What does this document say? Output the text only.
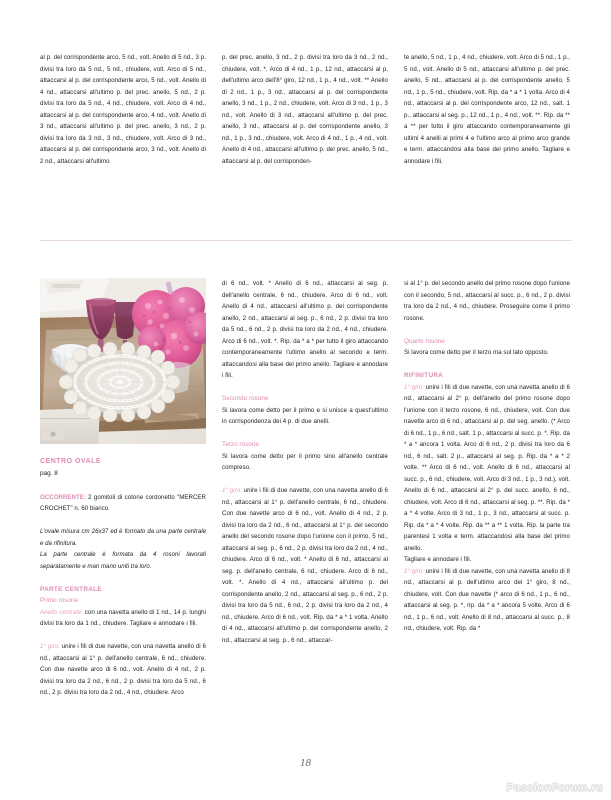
al p. del corrispondente arco, 5 nd., volt. Anello di 5 nd., 3 p. divisi tra loro da 5 nd., 5 nd., chiudere, volt. Arco di 5 nd., attaccarsi al p. del corrispondente arco, 5 nd., volt. Anello di 4 nd., attaccarsi all'ultimo p. del prec. anello, 5 nd., 2 p. divisi tra loro da 5 nd., 4 nd., chiudere, volt. Arco di 4 nd., attaccarsi al p. del corrispondente arco, 4 nd., volt. Anello di 3 nd., attaccarsi all'ultimo p. del prec. anello, 3 nd., 2 p. divisi tra loro da 3 nd., 3 nd., chiudere, volt. Arco di 3 nd., attaccarsi al p. del corrispondente arco, 3 nd., volt. Anello di 2 nd., attaccarsi all'ultimo

p. del prec. anello, 3 nd., 2 p. divisi tra loro da 3 nd., 2 nd., chiudere, volt. *. Arco di 4 nd., 1 p., 12 nd., attaccarsi al p. dell'ultimo arco dell'8° giro, 12 nd., 1 p., 4 nd., volt. ** Anello di 2 nd., 1 p., 3 nd., attaccarsi al p. del corrispondente anello, 3 nd., 1 p., 2 nd., chiudere, volt. Arco di 3 nd., 1 p., 3 nd., volt. Anello di 3 nd., attaccarsi all'ultimo p. del prec. anello, 3 nd., attaccarsi al p. del corrispondente anello, 3 nd., 1 p., 3 nd., chiudere, volt. Arco di 4 nd., 1 p., 4 nd., volt. Anello di 4 nd., attaccarsi all'ultimo p. del prec. anello, 5 nd., attaccarsi al p. del corrisponden-

te anello, 5 nd., 1 p., 4 nd., chiudere, volt. Arco di 5 nd., 1 p., 5 nd., volt. Anello di 5 nd., attaccarsi all'ultimo p. del prec. anello, 5 nd., attaccarsi al p. del corrispondente anello, 5 nd., 1 p., 5 nd., chiudere, volt. Rip. da * a * 1 volta. Arco di 4 nd., attaccarsi al p. del corrispondente arco, 12 nd., salt. 1 p., attaccarsi al seg. p., 12 nd., 1 p., 4 nd., volt. **. Rip. da ** a ** per tutto il giro attaccando contemporaneamente gli ultimi 4 anelli ai primi 4 e l'ultimo arco al primo arco grande e term. attaccandosi alla base del primo anello. Tagliare e annodare i fili.

CENTRO OVALE

pag. 8

OCCORRENTE: 2 gomitoli di cotone cordonetto "MERCER CROCHET" n. 60 bianco.

L'ovale misura cm 26x37 ed è formato da una parte centrale e da rifinitura.

La parte centrale è formata da 4 rosoni lavorati separatamente e man mano uniti tra loro.

PARTE CENTRALE
Primo rosone

Anello centrale: con una navetta anello di 1 nd., 14 p. lunghi divisi tra loro da 1 nd., chiudere. Tagliare e annodare i fili.

1° giro: unire i fili di due navette, con una navetta anello di 6 nd., attaccarsi al 1° p. dell'anello centrale, 6 nd., chiudere. Con due navette arco di 6 nd., volt. Anello di 4 nd., 2 p. divisi tra loro da 2 nd., 6 nd., 2 p. divisi tra loro da 5 nd., 6 nd., 2 p. divisi tra loro da 2 nd., 4 nd., chiudere. Arco

di 6 nd., volt. * Anello di 6 nd., attaccarsi al seg. p. dell'anello centrale, 6 nd., chiudere. Arco di 6 nd., volt. Anello di 4 nd., attaccarsi all'ultimo p. del corrispondente anello, 2 nd., attaccarsi al seg. p., 6 nd., 2 p. divisi tra loro da 5 nd., 6 nd., 2 p. divisi tra loro da 2 nd., 4 nd., chiudere. Arco di 6 nd., volt. *. Rip. da * a * per tutto il giro attaccando contemporaneamente l'ultimo anello al secondo e term. attaccandosi alla base del primo anello. Tagliare e annodare i fili.

Secondo rosone

Si lavora come detto per il primo e si unisce a quest'ultimo in corrispondenza dei 4 p. di due anelli.

Terzo rosone

Si lavora come detto per il primo sino all'anello centrale compreso.

1° giro: unire i fili di due navette, con una navetta anello di 6 nd., attaccarsi al 1° p. dell'anello centrale, 6 nd., chiudere. Con due navette arco di 6 nd., volt. Anello di 4 nd., 2 p. divisi tra loro da 2 nd., 6 nd., attaccarsi al 1° p. del secondo anello del secondo rosone dopo l'unione con il primo, 5 nd., attaccarsi al seg. p., 6 nd., 2 p. divisi tra loro da 2 nd., 4 nd., chiudere. Arco di 6 nd., volt. * Anello di 6 nd., attaccarsi al seg. p. dell'anello centrale, 6 nd., chiudere. Arco di 6 nd., volt. *. Anello di 4 nd., attaccarsi all'ultimo p. del corrispondente anello, 2 nd., attaccarsi al seg. p., 6 nd., 2 p. divisi tra loro da 5 nd., 6 nd., 2 p. divisi tra loro da 2 nd., 4 nd., chiudere. Arco di 6 nd., volt. Rip. da * a * 1 volta. Anello di 4 nd., attaccarsi all'ultimo p. del corrispondente anello, 2 nd., attaccarsi al seg. p., 6 nd., attaccar-

si al 1° p. del secondo anello del primo rosone dopo l'unione con il secondo, 5 nd., attaccarsi al succ. p., 6 nd., 2 p. divisi tra loro da 2 nd., 4 nd., chiudere. Proseguire come il primo rosone.

Quarto rosone

Si lavora come detto per il terzo ma sul lato opposto.

RIFINITURA

1° giro: unire i fili di due navette, con una navetta anello di 6 nd., attaccarsi al 2° p. dell'anello del primo rosone dopo l'unione con il terzo rosone, 6 nd., chiudere, volt. Con due navette arco di 6 nd., attaccarsi al p. del seg. anello. (* Arco di 6 nd., 1 p., 6 nd., salt. 1 p., attaccarsi al succ. p. *. Rip. da * a * ancora 1 volta. Arco di 6 nd., 2 p. divisi tra loro da 6 nd., 6 nd., salt. 2 p., attaccarsi al seg. p. Rip. da * a * 2 volte. ** Arco di 6 nd., volt. Anello di 6 nd., attaccarsi al succ. p., 6 nd., chiudere, volt. Arco di 3 nd., 1 p., 3 nd.), volt. Anello di 6 nd., attaccarsi al 2° p. del succ. anello, 6 nd., chiudere, volt. Arco di 6 nd., attaccarsi al seg. p. **. Rip. da * a * 4 volte. Arco di 3 nd., 1 p., 3 nd., attaccarsi al succ. p. Rip. da * a * 4 volte. Rip. da ** a ** 1 volta. Rip. la parte tra parentesi 1 volta e term. attaccandosi alla base del primo anello.

Tagliare e annodare i fili.

2° giro: unire i fili di due navette, con una navetta anello di 8 nd., attaccarsi al p. dell'ultimo arco del 1° giro, 8 nd., chiudere, volt. Con due navette (* arco di 6 nd., 1 p., 6 nd., attaccarsi al seg. p. *, rip. da * a * ancora 5 volte. Arco di 6 nd., 1 p., 6 nd., volt. Anello di 8 nd., attaccarsi al succ. p., 8 nd., chiudere, volt. Rip. da *

18
PassionForum.ru
